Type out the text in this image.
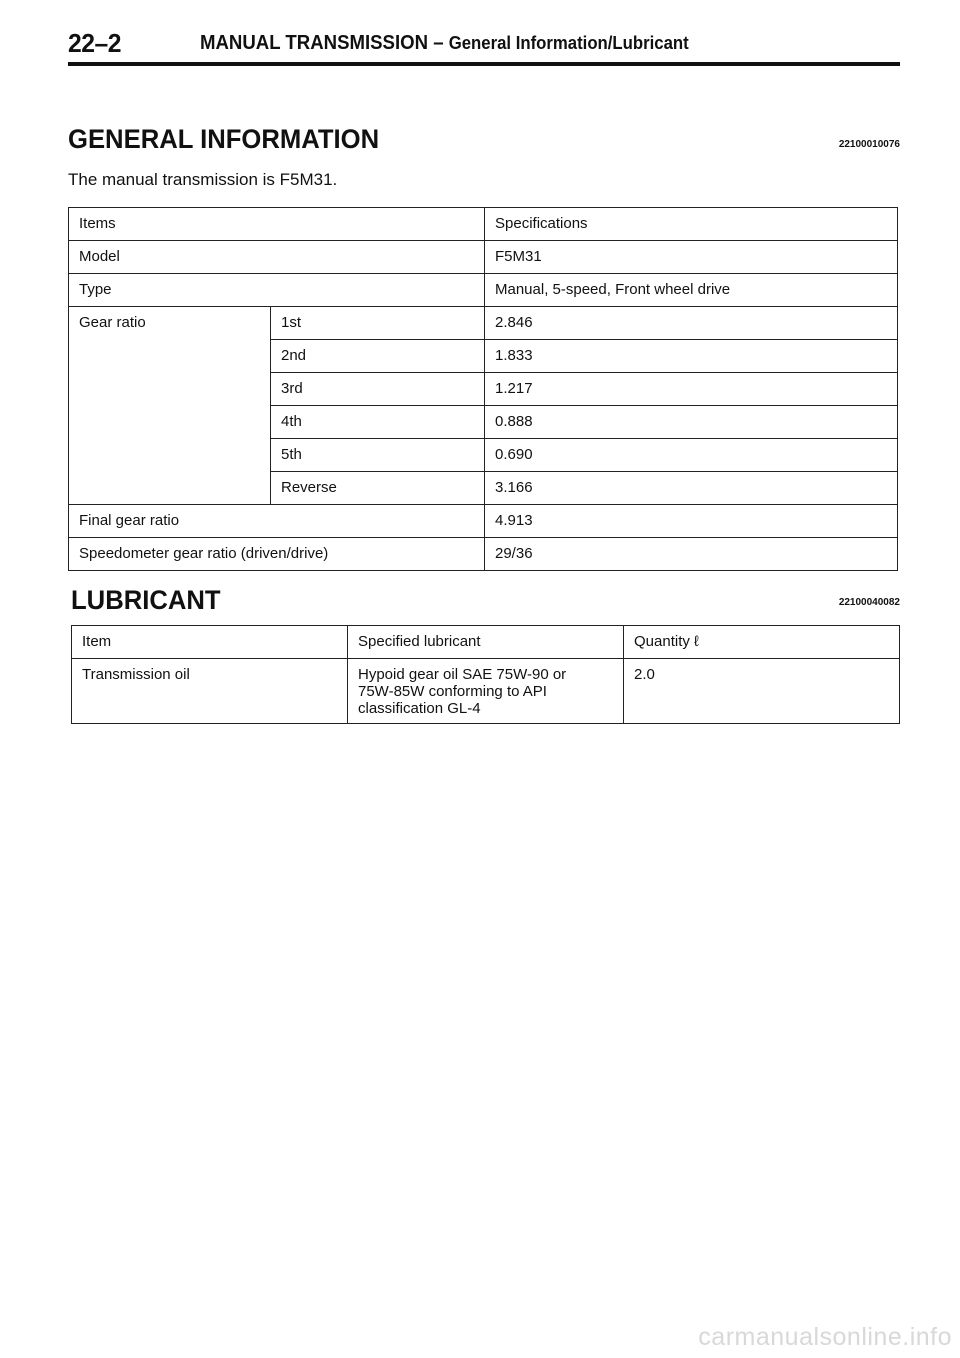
22–2	MANUAL TRANSMISSION – General Information/Lubricant
GENERAL INFORMATION	22100010076
The manual transmission is F5M31.
Items		Specifications
Model		F5M31
Type		Manual, 5-speed, Front wheel drive
Gear ratio	1st	2.846
	2nd	1.833
	3rd	1.217
	4th	0.888
	5th	0.690
	Reverse	3.166
Final gear ratio		4.913
Speedometer gear ratio (driven/drive)		29/36
LUBRICANT	22100040082
Item	Specified lubricant	Quantity ℓ
Transmission oil	Hypoid gear oil SAE 75W-90 or 75W-85W conforming to API classification GL-4	2.0
carmanualsonline.info
